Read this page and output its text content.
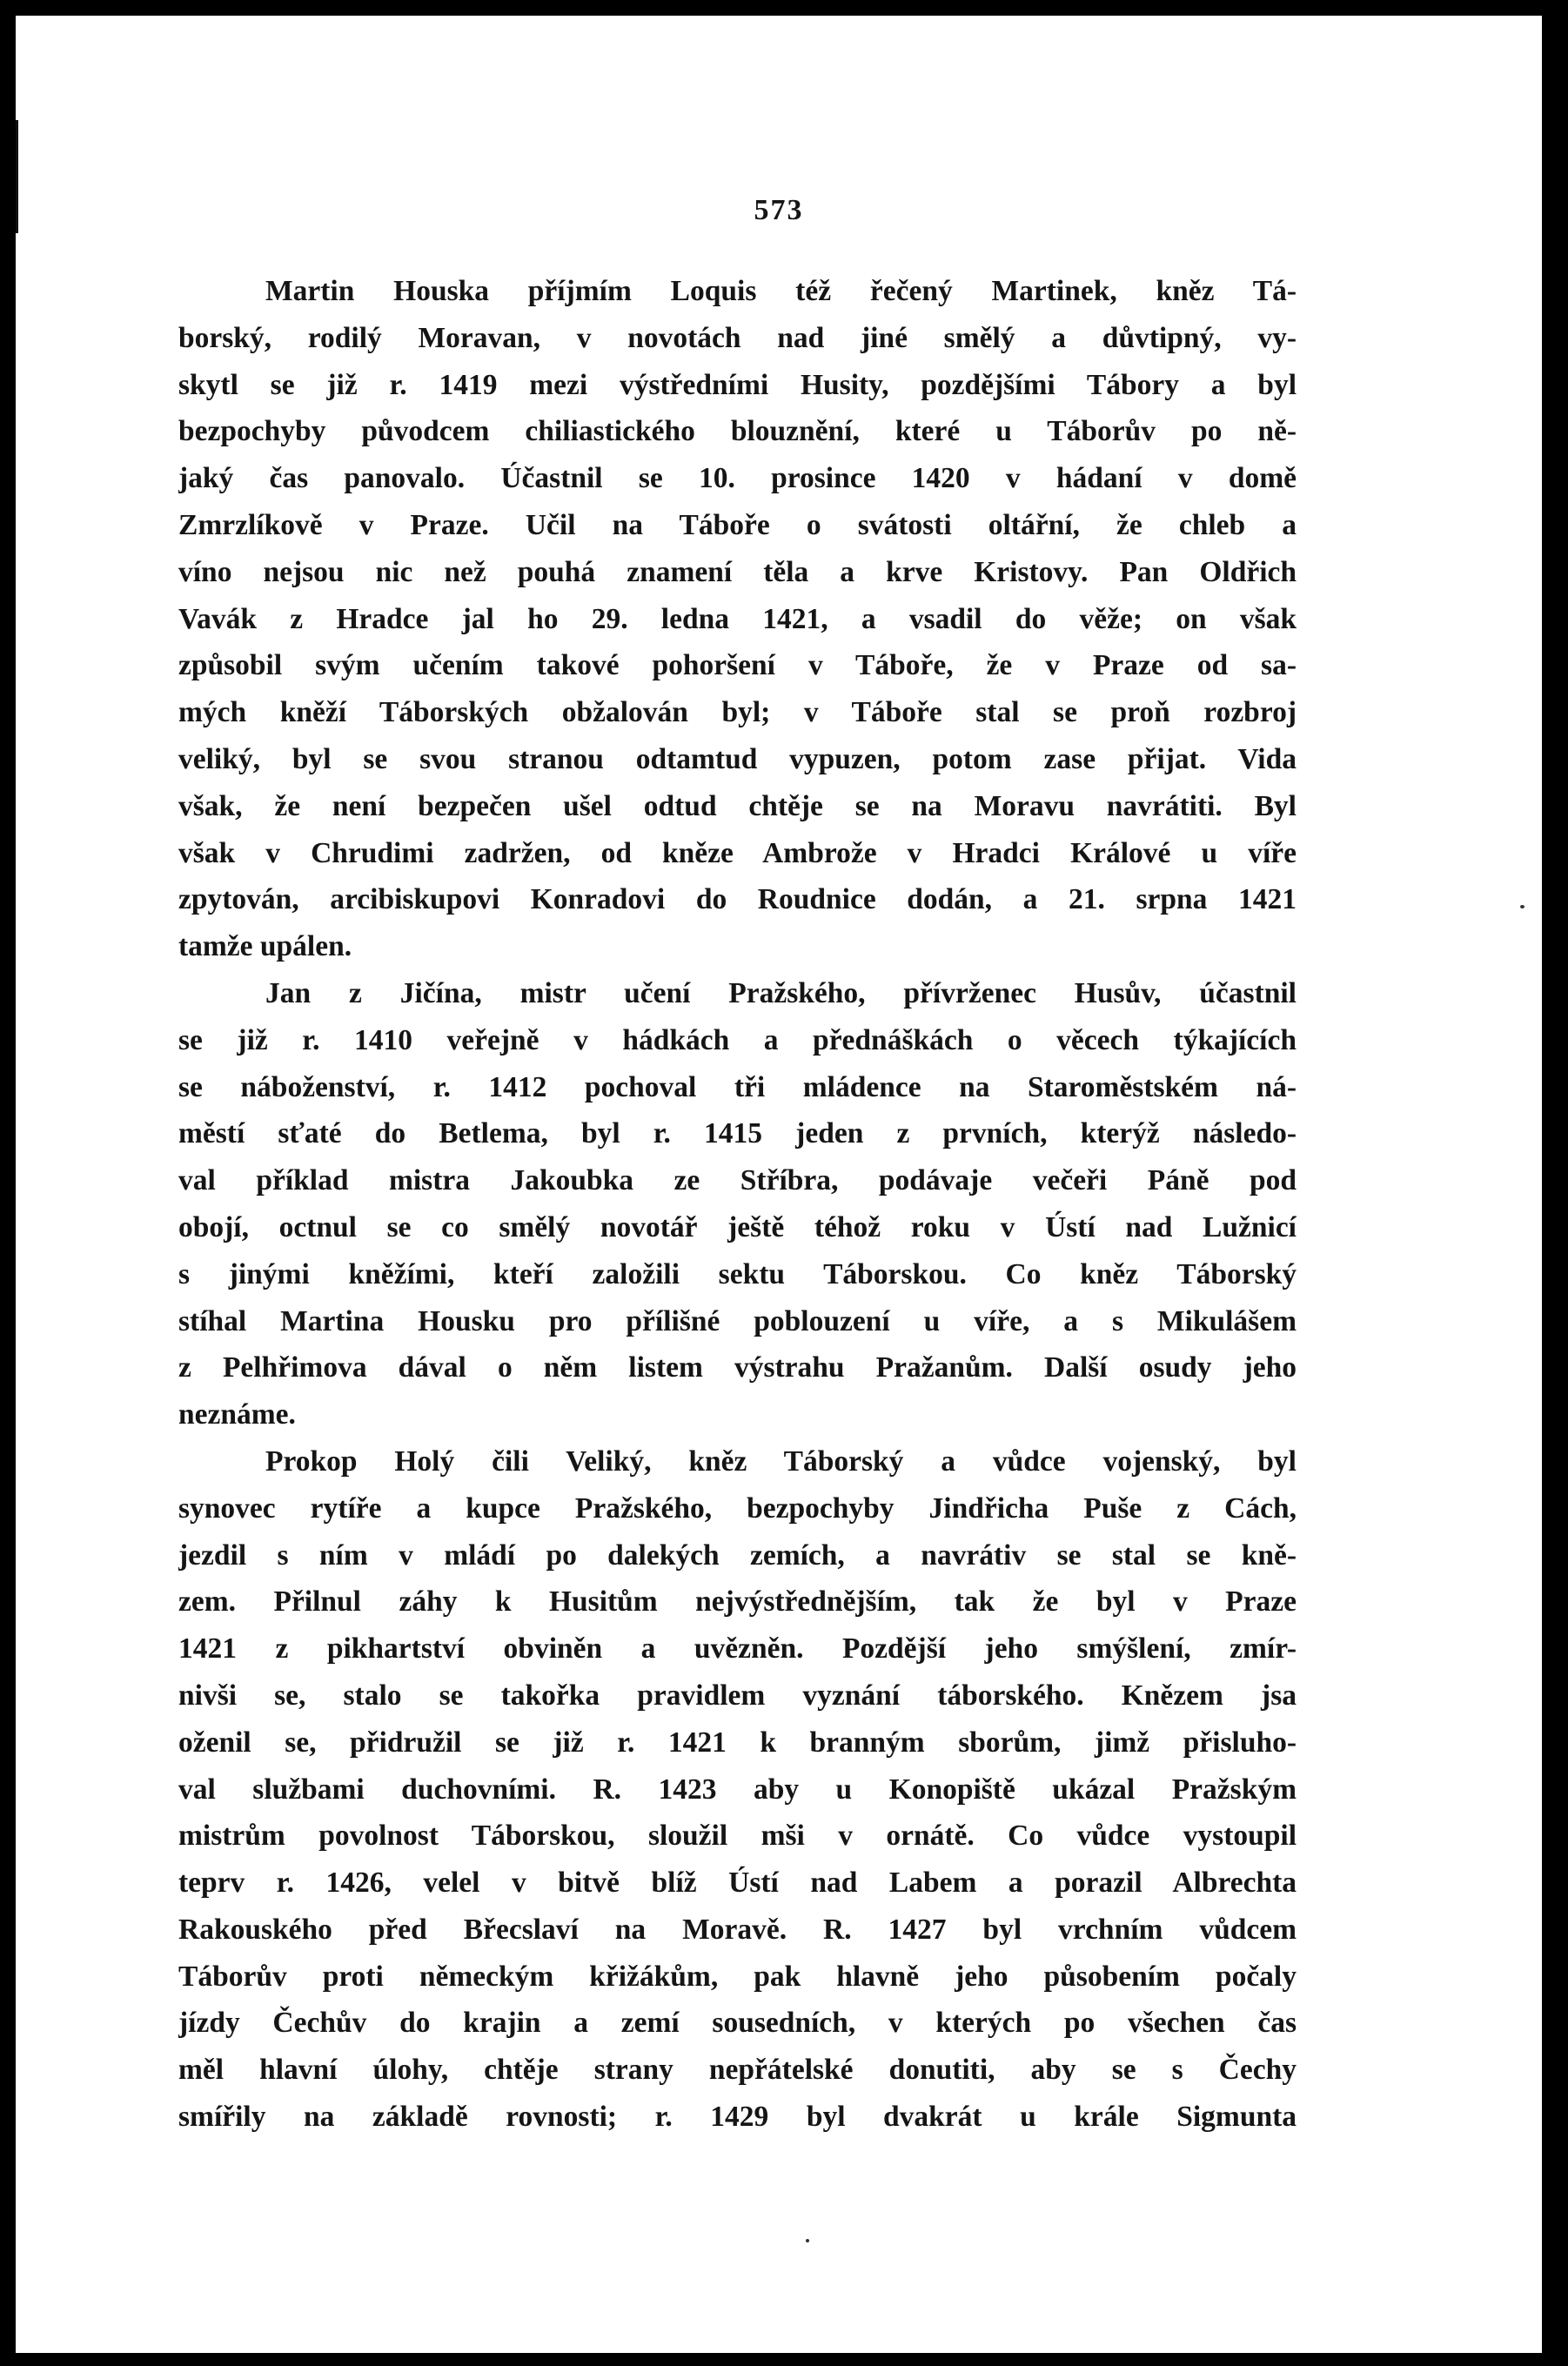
573
Martin Houska příjmím Loquis též řečený Martinek, kněz Tá-
borský, rodilý Moravan, v novotách nad jiné smělý a důvtipný, vy-
skytl se již r. 1419 mezi výstředními Husity, pozdějšími Tábory a byl
bezpochyby původcem chiliastického blouznění, které u Táborův po ně-
jaký čas panovalo. Účastnil se 10. prosince 1420 v hádaní v domě
Zmrzlíkově v Praze. Učil na Táboře o svátosti oltářní, že chleb a
víno nejsou nic než pouhá znamení těla a krve Kristovy. Pan Oldřich
Vavák z Hradce jal ho 29. ledna 1421, a vsadil do věže; on však
způsobil svým učením takové pohoršení v Táboře, že v Praze od sa-
mých kněží Táborských obžalován byl; v Táboře stal se proň rozbroj
veliký, byl se svou stranou odtamtud vypuzen, potom zase přijat. Vida
však, že není bezpečen ušel odtud chtěje se na Moravu navrátiti. Byl
však v Chrudimi zadržen, od kněze Ambrože v Hradci Králové u víře
zpytován, arcibiskupovi Konradovi do Roudnice dodán, a 21. srpna 1421
tamže upálen.
Jan z Jičína, mistr učení Pražského, přívrženec Husův, účastnil
se již r. 1410 veřejně v hádkách a přednáškách o věcech týkajících
se náboženství, r. 1412 pochoval tři mládence na Staroměstském ná-
městí sťaté do Betlema, byl r. 1415 jeden z prvních, kterýž následo-
val příklad mistra Jakoubka ze Stříbra, podávaje večeři Páně pod
obojí, octnul se co smělý novotář ještě téhož roku v Ústí nad Lužnicí
s jinými kněžími, kteří založili sektu Táborskou. Co kněz Táborský
stíhal Martina Housku pro přílišné poblouzení u víře, a s Mikulášem
z Pelhřimova dával o něm listem výstrahu Pražanům. Další osudy jeho
neznáme.
Prokop Holý čili Veliký, kněz Táborský a vůdce vojenský, byl
synovec rytíře a kupce Pražského, bezpochyby Jindřicha Puše z Cách,
jezdil s ním v mládí po dalekých zemích, a navrátiv se stal se kně-
zem. Přilnul záhy k Husitům nejvýstřednějším, tak že byl v Praze
1421 z pikhartství obviněn a uvězněn. Pozdější jeho smýšlení, zmír-
nivši se, stalo se takořka pravidlem vyznání táborského. Knězem jsa
oženil se, přidružil se již r. 1421 k branným sborům, jimž přisluho-
val službami duchovními. R. 1423 aby u Konopiště ukázal Pražským
mistrům povolnost Táborskou, sloužil mši v ornátě. Co vůdce vystoupil
teprv r. 1426, velel v bitvě blíž Ústí nad Labem a porazil Albrechta
Rakouského před Břecslaví na Moravě. R. 1427 byl vrchním vůdcem
Táborův proti německým křižákům, pak hlavně jeho působením počaly
jízdy Čechův do krajin a zemí sousedních, v kterých po všechen čas
měl hlavní úlohy, chtěje strany nepřátelské donutiti, aby se s Čechy
smířily na základě rovnosti; r. 1429 byl dvakrát u krále Sigmunta
